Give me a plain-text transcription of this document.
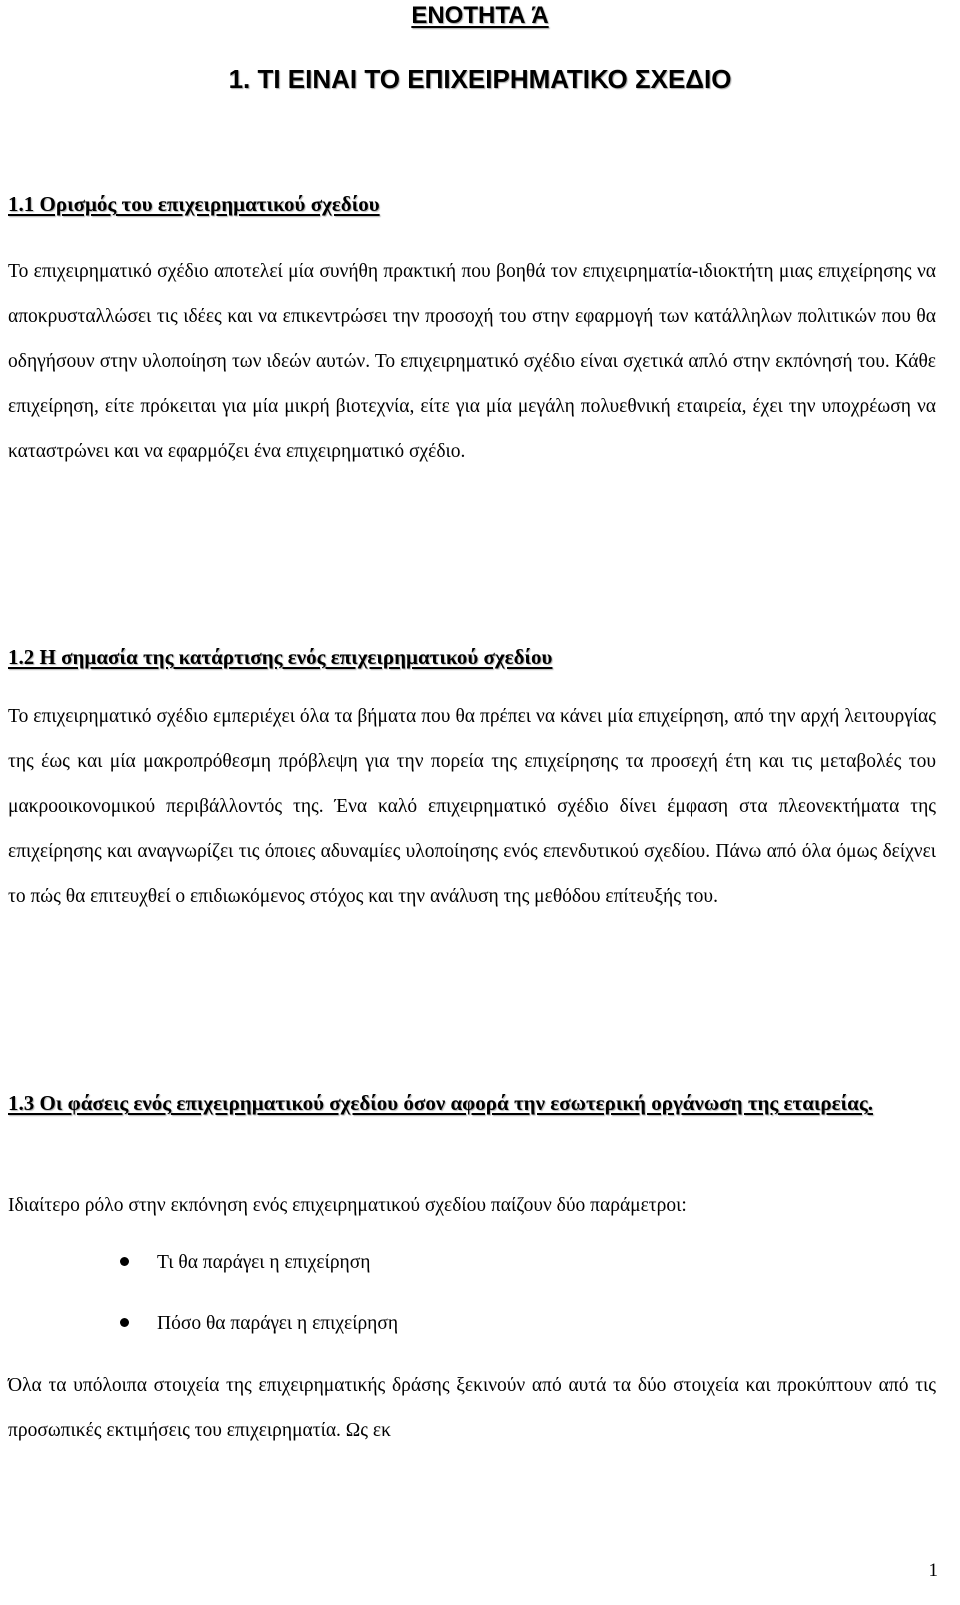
ΕΝΟΤΗΤΑ Ά
1. ΤΙ ΕΙΝΑΙ ΤΟ ΕΠΙΧΕΙΡΗΜΑΤΙΚΟ ΣΧΕΔΙΟ
1.1 Ορισμός του επιχειρηματικού σχεδίου

Το επιχειρηματικό σχέδιο αποτελεί μία συνήθη πρακτική που βοηθά τον επιχειρηματία-ιδιοκτήτη μιας επιχείρησης να αποκρυσταλλώσει τις ιδέες και να επικεντρώσει την προσοχή του στην εφαρμογή των κατάλληλων πολιτικών που θα οδηγήσουν στην υλοποίηση των ιδεών αυτών. Το επιχειρηματικό σχέδιο είναι σχετικά απλό στην εκπόνησή του. Κάθε επιχείρηση, είτε πρόκειται για μία μικρή βιοτεχνία, είτε για μία μεγάλη πολυεθνική εταιρεία, έχει την υποχρέωση να καταστρώνει και να εφαρμόζει ένα επιχειρηματικό σχέδιο.

1.2 Η σημασία της κατάρτισης ενός επιχειρηματικού σχεδίου

Το επιχειρηματικό σχέδιο εμπεριέχει όλα τα βήματα που θα πρέπει να κάνει μία επιχείρηση, από την αρχή λειτουργίας της έως και μία μακροπρόθεσμη πρόβλεψη για την πορεία της επιχείρησης τα προσεχή έτη και τις μεταβολές του μακροοικονομικού περιβάλλοντός της. Ένα καλό επιχειρηματικό σχέδιο δίνει έμφαση στα πλεονεκτήματα της επιχείρησης και αναγνωρίζει τις όποιες αδυναμίες υλοποίησης ενός επενδυτικού σχεδίου. Πάνω από όλα όμως δείχνει το πώς θα επιτευχθεί ο επιδιωκόμενος στόχος και την ανάλυση της μεθόδου επίτευξής του.

1.3 Οι φάσεις ενός επιχειρηματικού σχεδίου όσον αφορά την εσωτερική οργάνωση της εταιρείας.

Ιδιαίτερο ρόλο στην εκπόνηση ενός επιχειρηματικού σχεδίου παίζουν δύο παράμετροι:

Τι θα παράγει η επιχείρηση
Πόσο θα παράγει η επιχείρηση

Όλα τα υπόλοιπα στοιχεία της επιχειρηματικής δράσης ξεκινούν από αυτά τα δύο στοιχεία και προκύπτουν από τις προσωπικές εκτιμήσεις του επιχειρηματία. Ως εκ

1
